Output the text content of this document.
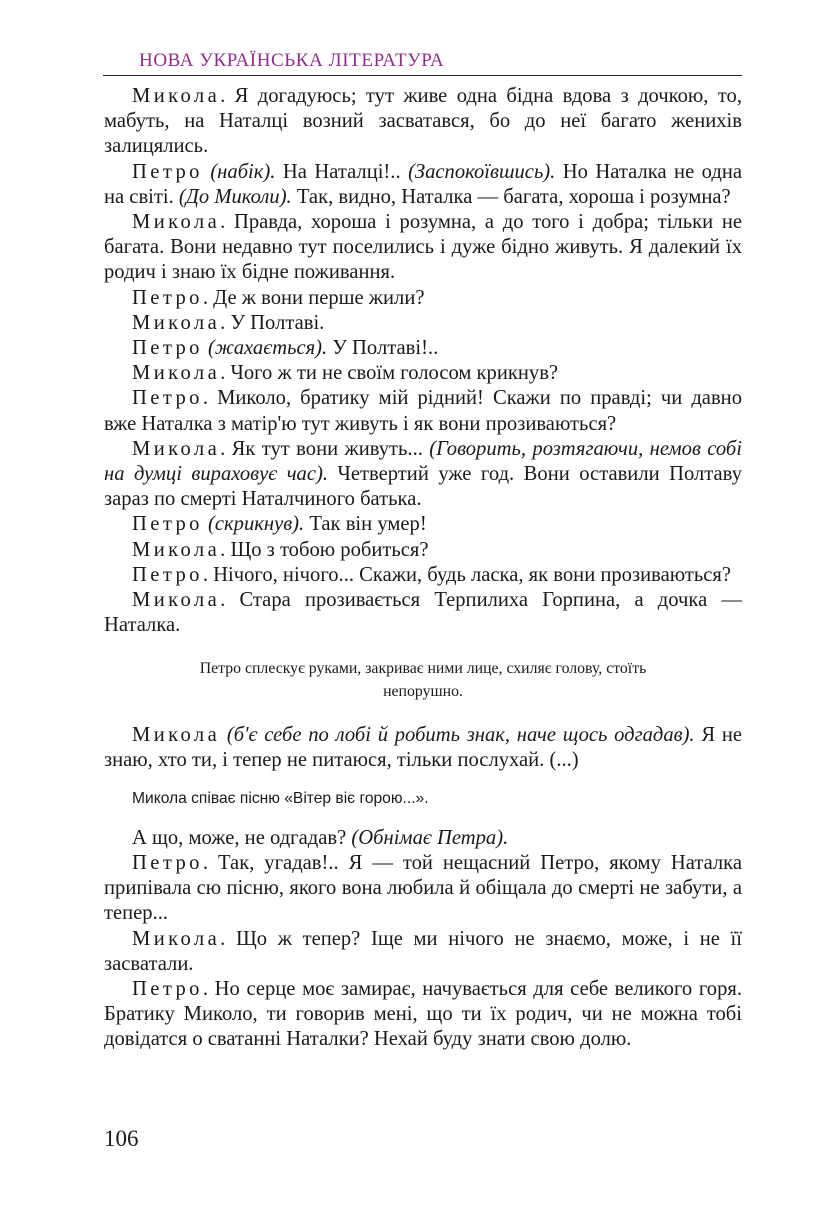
НОВА УКРАЇНСЬКА ЛІТЕРАТУРА

Микола. Я догадуюсь; тут живе одна бідна вдова з дочкою, то, мабуть, на Наталці возний засватався, бо до неї багато женихів залицялись.

Петро (набік). На Наталці!.. (Заспокоївшись). Но Наталка не одна на світі. (До Миколи). Так, видно, Наталка — багата, хороша і розумна?

Микола. Правда, хороша і розумна, а до того і добра; тільки не багата. Вони недавно тут поселились і дуже бідно живуть. Я далекий їх родич і знаю їх бідне поживання.

Петро. Де ж вони перше жили?

Микола. У Полтаві.

Петро (жахається). У Полтаві!..

Микола. Чого ж ти не своїм голосом крикнув?

Петро. Миколо, братику мій рідний! Скажи по правді; чи давно вже Наталка з матір'ю тут живуть і як вони прозиваються?

Микола. Як тут вони живуть... (Говорить, розтягаючи, немов собі на думці вираховує час). Четвертий уже год. Вони оставили Полтаву зараз по смерті Наталчиного батька.

Петро (скрикнув). Так він умер!

Микола. Що з тобою робиться?

Петро. Нічого, нічого... Скажи, будь ласка, як вони прозиваються?

Микола. Стара прозивається Терпилиха Горпина, а дочка — Наталка.

Петро сплескує руками, закриває ними лице, схиляє голову, стоїть непорушно.

Микола (б'є себе по лобі й робить знак, наче щось одгадав). Я не знаю, хто ти, і тепер не питаюся, тільки послухай. (...)

Микола співає пісню «Вітер віє горою...».

А що, може, не одгадав? (Обнімає Петра).

Петро. Так, угадав!.. Я — той нещасний Петро, якому Наталка припівала сю пісню, якого вона любила й обіщала до смерті не забути, а тепер...

Микола. Що ж тепер? Іще ми нічого не знаємо, може, і не її засватали.

Петро. Но серце моє замирає, начувається для себе великого горя. Братику Миколо, ти говорив мені, що ти їх родич, чи не можна тобі довідатся о сватанні Наталки? Нехай буду знати свою долю.

106
